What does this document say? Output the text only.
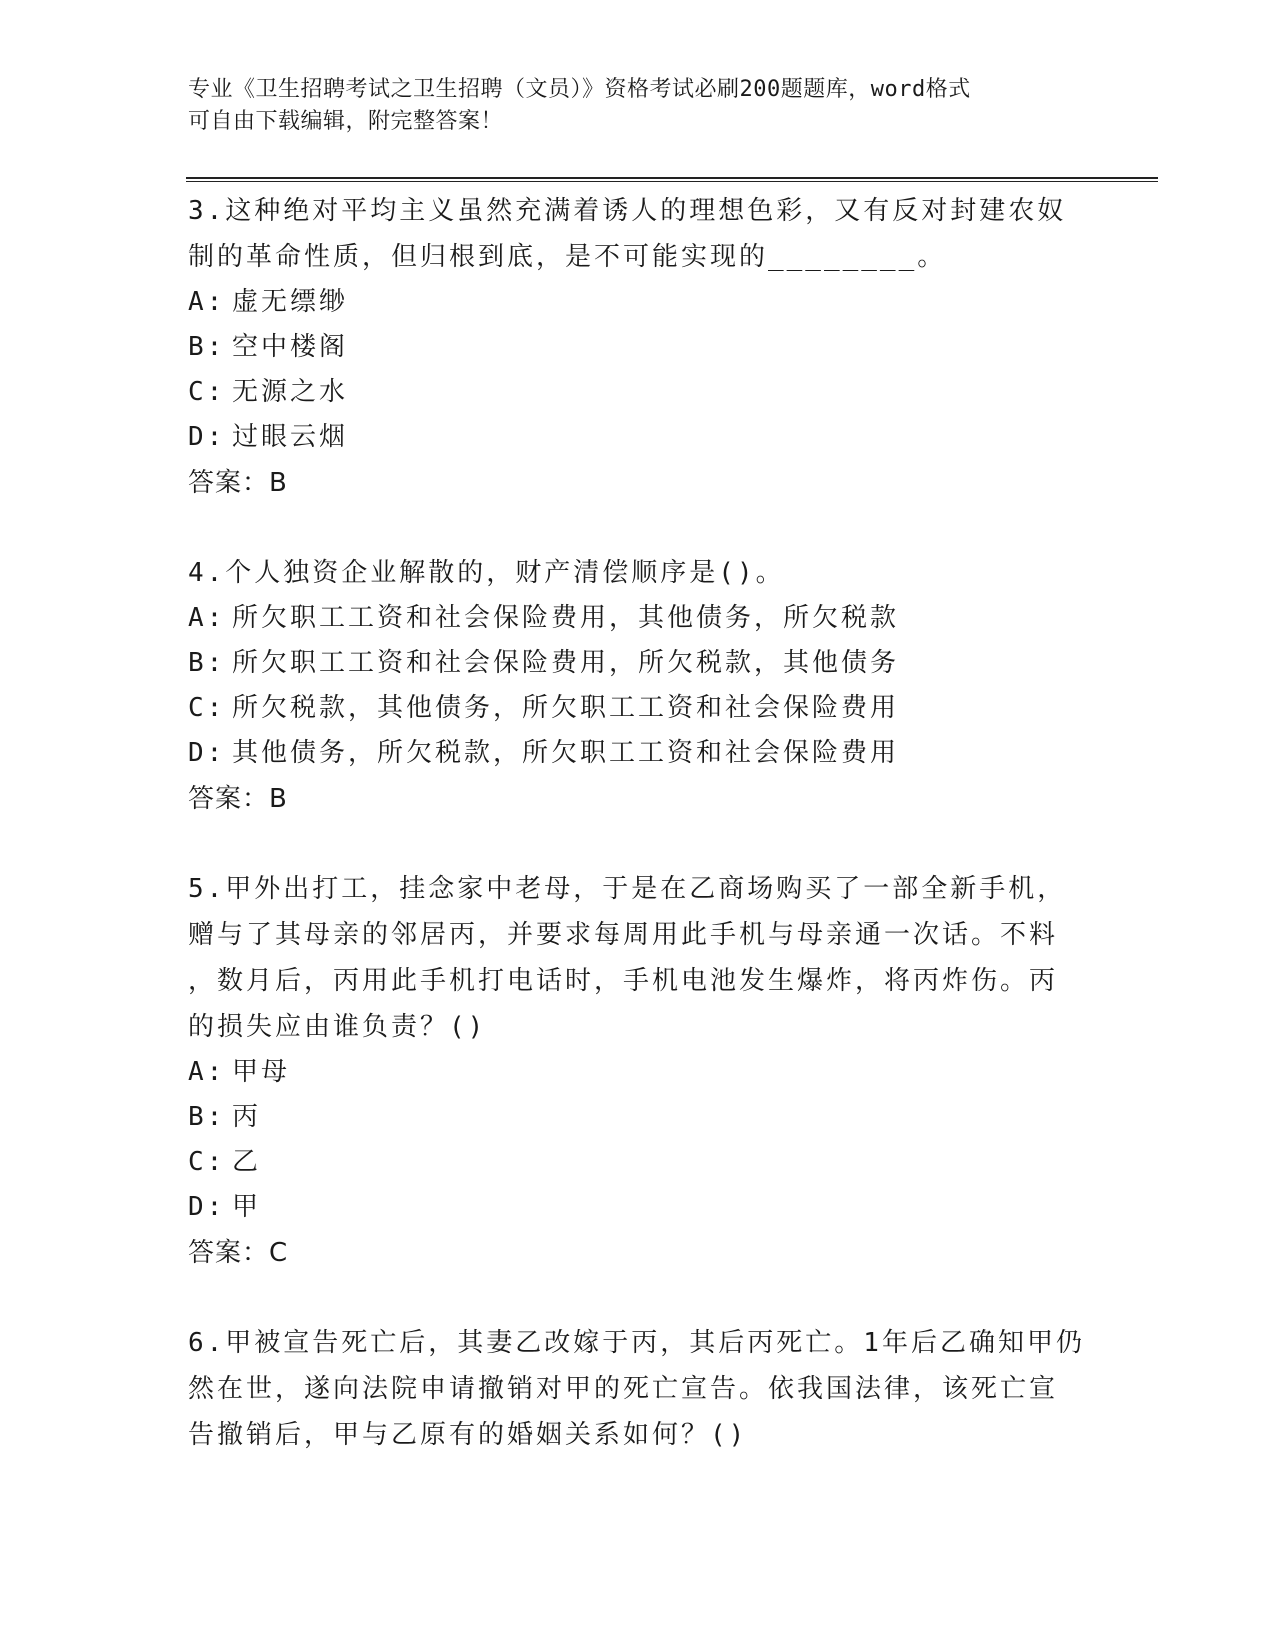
专业《卫生招聘考试之卫生招聘（文员）》资格考试必刷200题题库，word格式
可自由下载编辑，附完整答案！

3.这种绝对平均主义虽然充满着诱人的理想色彩，又有反对封建农奴

制的革命性质，但归根到底，是不可能实现的________。

A: 虚无缥缈

B: 空中楼阁

C: 无源之水

D: 过眼云烟

答案：B

4.个人独资企业解散的，财产清偿顺序是()。

A: 所欠职工工资和社会保险费用，其他债务，所欠税款

B: 所欠职工工资和社会保险费用，所欠税款，其他债务

C: 所欠税款，其他债务，所欠职工工资和社会保险费用

D: 其他债务，所欠税款，所欠职工工资和社会保险费用

答案：B

5.甲外出打工，挂念家中老母，于是在乙商场购买了一部全新手机，

赠与了其母亲的邻居丙，并要求每周用此手机与母亲通一次话。不料

，数月后，丙用此手机打电话时，手机电池发生爆炸，将丙炸伤。丙

的损失应由谁负责？()

A: 甲母

B: 丙

C: 乙

D: 甲

答案：C

6.甲被宣告死亡后，其妻乙改嫁于丙，其后丙死亡。1年后乙确知甲仍

然在世，遂向法院申请撤销对甲的死亡宣告。依我国法律，该死亡宣

告撤销后，甲与乙原有的婚姻关系如何？()
